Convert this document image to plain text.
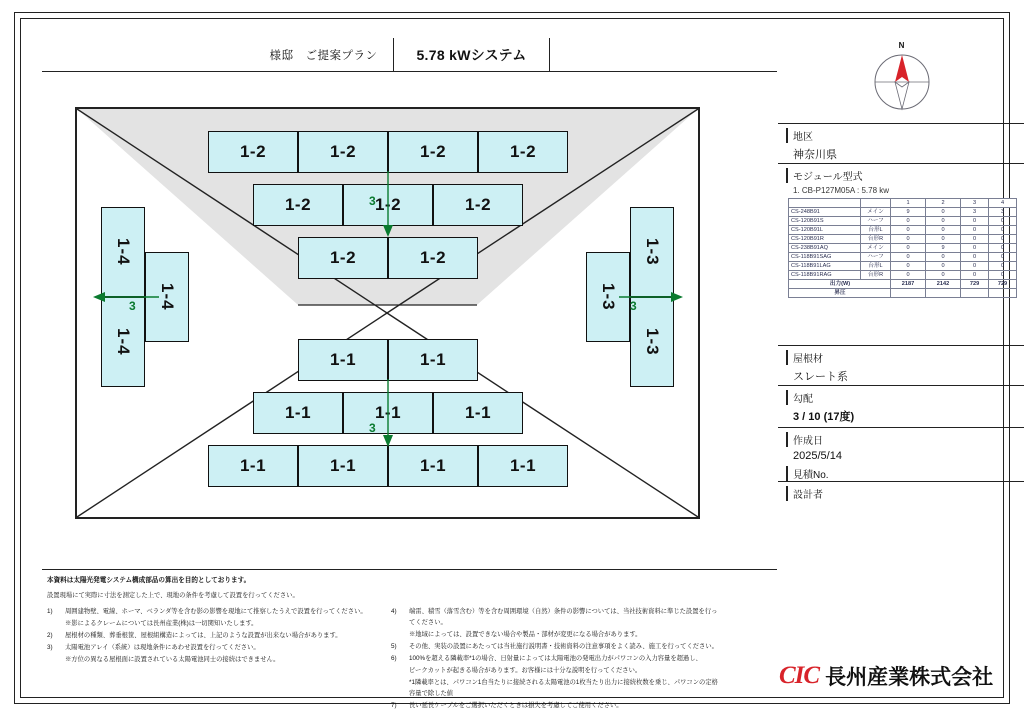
様邸　ご提案プラン	5.78 kWシステム
1-2	1-2	1-2	1-2
1-2	1-2	1-2
1-2	1-2
3
1-4
1-4
1-4
3
1-3
1-3
1-3	3
1-1	1-1
1-1	1-1	1-1
1-1	1-1	1-1	1-1
3
本資料は太陽光発電システム構成部品の算出を目的としております。
設置現場にて実際に寸法を測定した上で、現地の条件を考慮して設置を行ってください。
1)	周囲建物壁、電線、ホーマ、ベランダ等を含む影の影響を現地にて推察したうえで設置を行ってください。
※影によるクレームについては長州産業(株)は一切関知いたします。
2)	屋根材の種類、葬垂根筐、屋根組構造によっては、上記のような設置が出来ない場合があります。
3)	太陽電池アレイ（系統）は現地条件にあわせ設置を行ってください。
※方位の異なる屋根面に設置されている太陽電池同士の接続はできません。
4)	端雷、積雪（落雪含む）等を含む周囲環境（自然）条件の影響については、当社技術資料に準じた設置を行ってください。
※地域によっては、設置できない場合や製品・部材が変更になる場合があります。
5)	その他、実装の設置にあたっては当社施行説明書・技術資料の注意事項をよく読み、施工を行ってください。
6)	100%を超える隣載率*1の場合、日射量によっては太陽電池の発電出力がパワコンの入力容量を超過し、
ピークカットが起きる場合があります。お客様には十分な説明を行ってください。
*1隣載率とは、パワコン1台当たりに接続される太陽電池の1枚当たり出力に接続枚数を乗じ、パワコンの定格容量で除した値
7)	長い延長ケーブルをご選択いただくときは損失を考慮してご使用ください。
N
地区
神奈川県
モジュール型式
1. CB-P127M05A : 5.78 kw
		1	2	3	4
CS-248B91	メイン	9	0	3	3
CS-120B91S	ハーフ	0	0	0	0
CS-120B91L	台形L	0	0	0	0
CS-120B91R	台形R	0	0	0	0
CS-238B91AQ	メイン	0	9	0	0
CS-118B91SAG	ハーフ	0	0	0	0
CS-118B91LAG	台形L	0	0	0	0
CS-118B91RAG	台形R	0	0	0	0
出力(W)		2187	2142	729	729
昇圧					
屋根材
スレート系
勾配
3 / 10 (17度)
作成日
2025/5/14
見積No.
設計者
CIC 長州産業株式会社
